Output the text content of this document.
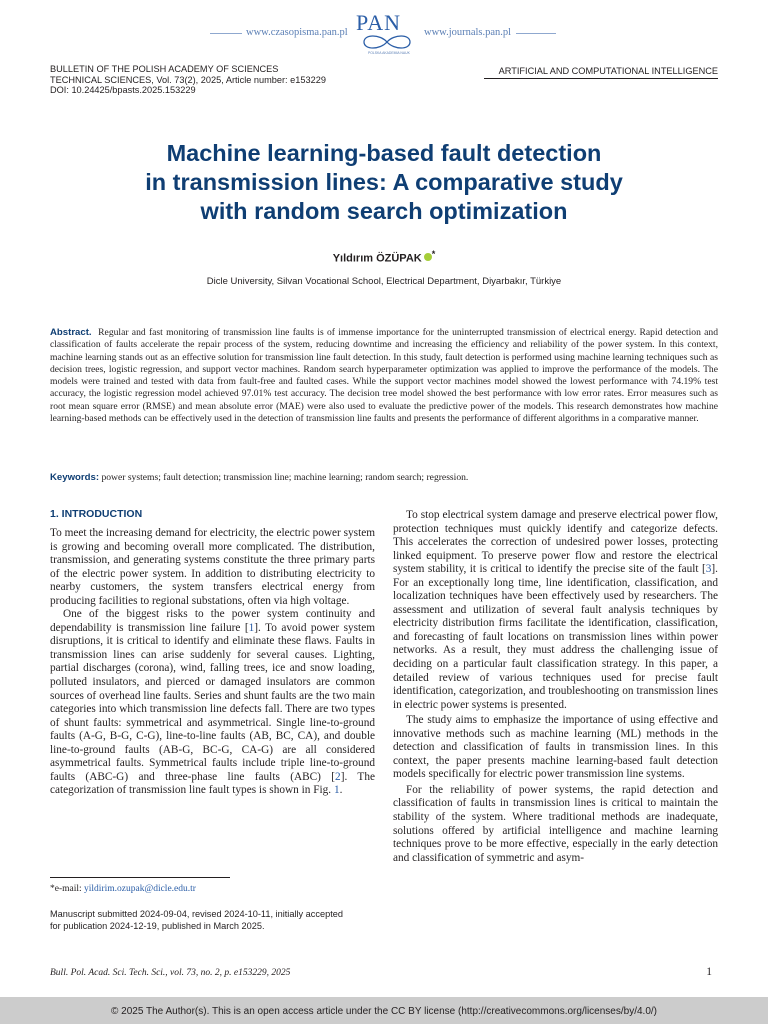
www.czasopisma.pan.pl PAN
POLSKA AKADEMIA NAUK
www.journals.pan.pl
BULLETIN OF THE POLISH ACADEMY OF SCIENCES
TECHNICAL SCIENCES, Vol. 73(2), 2025, Article number: e153229
DOI: 10.24425/bpasts.2025.153229
ARTIFICIAL AND COMPUTATIONAL INTELLIGENCE
Machine learning-based fault detection
in transmission lines: A comparative study
with random search optimization
Yıldırım ÖZÜPAK *
Dicle University, Silvan Vocational School, Electrical Department, Diyarbakır, Türkiye
Abstract. Regular and fast monitoring of transmission line faults is of immense importance for the uninterrupted transmission of electrical energy. Rapid detection and classification of faults accelerate the repair process of the system, reducing downtime and increasing the efficiency and reliability of the power system. In this context, machine learning stands out as an effective solution for transmission line fault detection. In this study, fault detection is performed using machine learning techniques such as decision trees, logistic regression, and support vector machines. Random search hyperparameter optimization was applied to improve the performance of the models. The models were trained and tested with data from fault-free and faulted cases. While the support vector machines model showed the lowest performance with 74.19% test accuracy, the logistic regression model achieved 97.01% test accuracy. The decision tree model showed the best performance with low error rates. Error measures such as root mean square error (RMSE) and mean absolute error (MAE) were also used to evaluate the predictive power of the models. This research demonstrates how machine learning-based methods can be effectively used in the detection of transmission line faults and presents the performance of different algorithms in a comparative manner.
Keywords: power systems; fault detection; transmission line; machine learning; random search; regression.
1. INTRODUCTION

To meet the increasing demand for electricity, the electric power system is growing and becoming overall more complicated. The distribution, transmission, and generating systems constitute the three primary parts of the electric power system. In addition to distributing electricity to nearby customers, the system transfers electrical energy from producing facilities to regional substations, often via high voltage.

One of the biggest risks to the power system continuity and dependability is transmission line failure [1]. To avoid power system disruptions, it is critical to identify and eliminate these flaws. Faults in transmission lines can arise suddenly for several causes. Lighting, partial discharges (corona), wind, falling trees, ice and snow loading, polluted insulators, and pierced or damaged insulators are common sources of overhead line faults. Series and shunt faults are the two main categories into which transmission line defects fall. There are two types of shunt faults: symmetrical and asymmetrical. Single line-to-ground faults (A-G, B-G, C-G), line-to-line faults (AB, BC, CA), and double line-to-ground faults (AB-G, BC-G, CA-G) are all considered asymmetrical faults. Symmetrical faults include triple line-to-ground faults (ABC-G) and three-phase line faults (ABC) [2]. The categorization of transmission line fault types is shown in Fig. 1.

To stop electrical system damage and preserve electrical power flow, protection techniques must quickly identify and categorize defects. This accelerates the correction of undesired power losses, protecting linked equipment. To preserve power flow and restore the electrical system stability, it is critical to identify the precise site of the fault [3]. For an exceptionally long time, line identification, classification, and localization techniques have been effectively used by researchers. The assessment and utilization of several fault analysis techniques by electricity distribution firms facilitate the identification, classification, and forecasting of fault locations on transmission lines within power networks. As a result, they must address the challenging issue of deciding on a particular fault classification strategy. In this paper, a detailed review of various techniques used for precise fault identification, categorization, and troubleshooting on transmission lines in electric power systems is presented.

The study aims to emphasize the importance of using effective and innovative methods such as machine learning (ML) methods in the detection and classification of faults in transmission lines. In this context, the paper presents machine learning-based fault detection models specifically for electric power transmission line systems.

For the reliability of power systems, the rapid detection and classification of faults in transmission lines is critical to maintain the stability of the system. Where traditional methods are inadequate, solutions offered by artificial intelligence and machine learning techniques prove to be more effective, especially in the early detection and classification of symmetric and asym-

*e-mail: yildirim.ozupak@dicle.edu.tr
Manuscript submitted 2024-09-04, revised 2024-10-11, initially accepted for publication 2024-12-19, published in March 2025.
Bull. Pol. Acad. Sci. Tech. Sci., vol. 73, no. 2, p. e153229, 2025	1
© 2025 The Author(s). This is an open access article under the CC BY license (http://creativecommons.org/licenses/by/4.0/)
